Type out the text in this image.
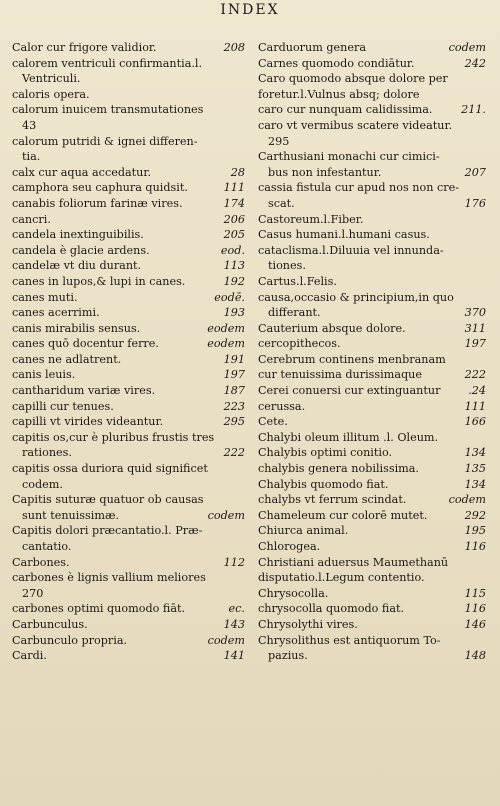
INDEX
Calor cur frigore validior.	208
calorem ventriculi confirmantia.l.
Ventriculi.
caloris opera.
calorum inuicem transmutationes
43
calorum putridi & ignei differen-
tia.
calx cur aqua accedatur.	28
camphora seu caphura quidsit.	111
canabis foliorum farinæ vires.	174
cancri.	206
candela inextinguibilis.	205
candela è glacie ardens.	eod.
candelæ vt diu durant.	113
canes in lupos,& lupi in canes.	192
canes muti.	eodē.
canes acerrimi.	193
canis mirabilis sensus.	eodem
canes quō docentur ferre.	eodem
canes ne adlatrent.	191
canis leuis.	197
cantharidum variæ vires.	187
capilli cur tenues.	223
capilli vt virides videantur.	295
capitis os,cur è pluribus frustis tres
rationes.	222
capitis ossa duriora quid significet
codem.
Capitis suturæ quatuor ob causas
sunt tenuissimæ.	codem
Capitis dolori præcantatio.l. Præ-
cantatio.
Carbones.	112
carbones è lignis vallium meliores
270
carbones optimi quomodo fiāt.	ec.
Carbunculus.	143
Carbunculo propria.	codem
Cardi.	141
Carduorum genera	codem
Carnes quomodo condiātur.	242
Caro quomodo absque dolore per
foretur.l.Vulnus absq; dolore
caro cur nunquam calidissima.	211.
caro vt vermibus scatere videatur.
295
Carthusiani monachi cur cimici-
bus non infestantur.	207
cassia fistula cur apud nos non cre-
scat.	176
Castoreum.l.Fiber.
Casus humani.l.humani casus.
cataclisma.l.Diluuia vel innunda-
tiones.
Cartus.l.Felis.
causa,occasio & principium,in quo
differant.	370
Cauterium absque dolore.	311
cercopithecos.	197
Cerebrum continens menbranam
cur tenuissima durissimaque	222
Cerei conuersi cur extinguantur	.24
cerussa.	111
Cete.	166
Chalybi oleum illitum .l. Oleum.
Chalybis optimi conitio.	134
chalybis genera nobilissima.	135
Chalybis quomodo fiat.	134
chalybs vt ferrum scindat.	codem
Chameleum cur colorē mutet.	292
Chiurca animal.	195
Chlorogea.	116
Christiani aduersus Maumethanū
disputatio.l.Legum contentio.
Chrysocolla.	115
chrysocolla quomodo fiat.	116
Chrysolythi vires.	146
Chrysolithus est antiquorum To-
pazius.	148
